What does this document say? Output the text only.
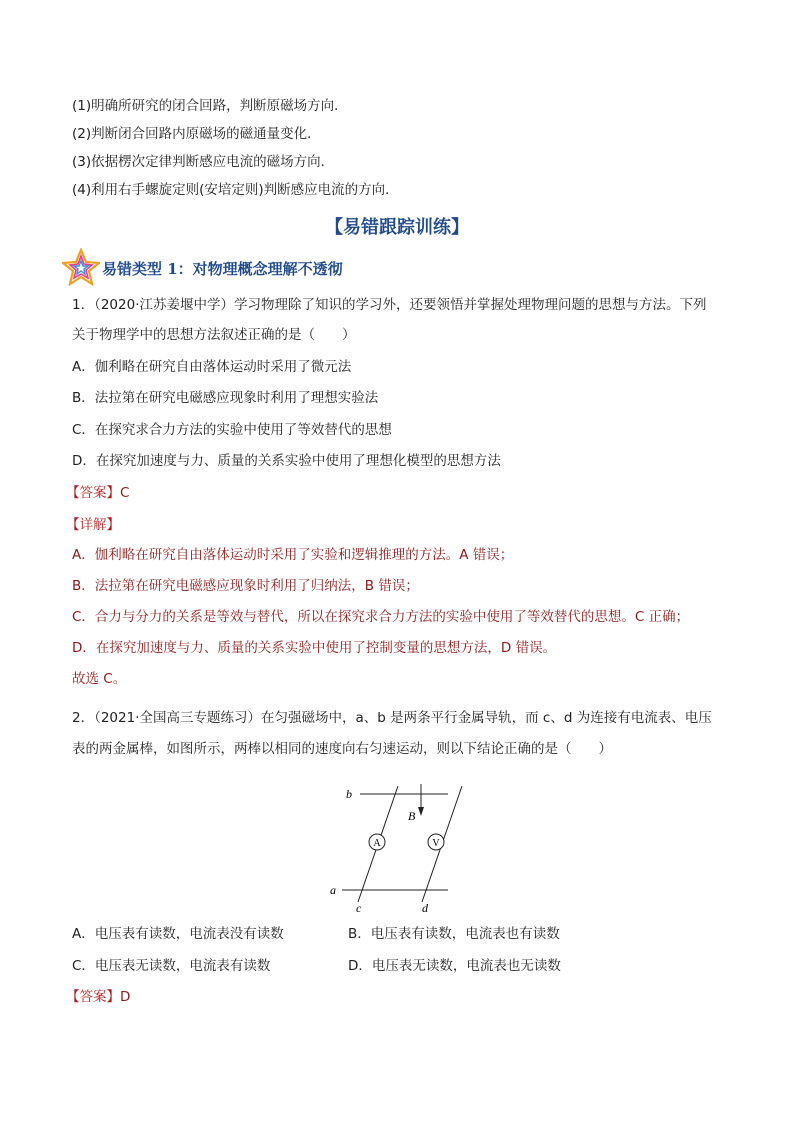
(1)明确所研究的闭合回路，判断原磁场方向．
(2)判断闭合回路内原磁场的磁通量变化．
(3)依据楞次定律判断感应电流的磁场方向．
(4)利用右手螺旋定则(安培定则)判断感应电流的方向．
【易错跟踪训练】
易错类型 1：对物理概念理解不透彻
1．（2020·江苏姜堰中学）学习物理除了知识的学习外，还要领悟并掌握处理物理问题的思想与方法。下列
关于物理学中的思想方法叙述正确的是（　　）
A．伽利略在研究自由落体运动时采用了微元法
B．法拉第在研究电磁感应现象时利用了理想实验法
C．在探究求合力方法的实验中使用了等效替代的思想
D．在探究加速度与力、质量的关系实验中使用了理想化模型的思想方法
【答案】C
【详解】
A．伽利略在研究自由落体运动时采用了实验和逻辑推理的方法。A 错误；
B．法拉第在研究电磁感应现象时利用了归纳法，B 错误；
C．合力与分力的关系是等效与替代，所以在探究求合力方法的实验中使用了等效替代的思想。C 正确；
D．在探究加速度与力、质量的关系实验中使用了控制变量的思想方法，D 错误。
故选 C。
2．（2021·全国高三专题练习）在匀强磁场中，a、b 是两条平行金属导轨，而 c、d 为连接有电流表、电压
表的两金属棒，如图所示，两棒以相同的速度向右匀速运动，则以下结论正确的是（　　）
A	V
b
a
c	d
B
A．电压表有读数，电流表没有读数	B．电压表有读数，电流表也有读数
C．电压表无读数，电流表有读数	D．电压表无读数，电流表也无读数
【答案】D
